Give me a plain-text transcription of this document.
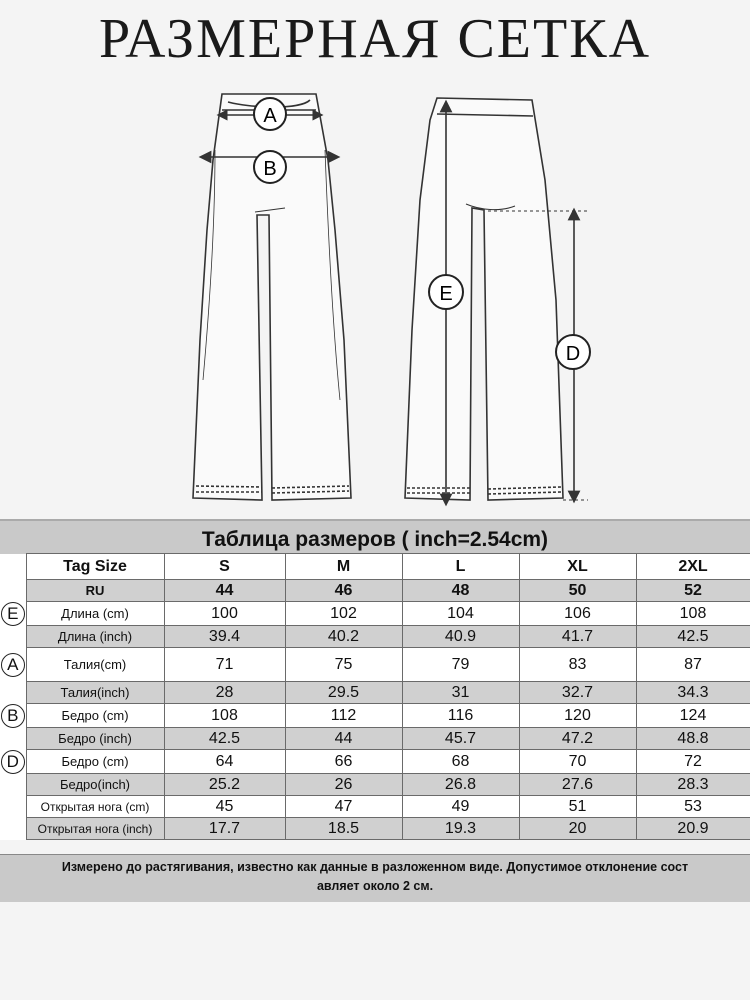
РАЗМЕРНАЯ СЕТКА
A
B
E
D
Таблица размеров ( inch=2.54cm)
	Tag Size	S	M	L	XL	2XL
	RU	44	46	48	50	52
E	Длина (cm)	100	102	104	106	108
	Длина (inch)	39.4	40.2	40.9	41.7	42.5
A	Талия(cm)	71	75	79	83	87
	Талия(inch)	28	29.5	31	32.7	34.3
B	Бедро (cm)	108	112	116	120	124
	Бедро (inch)	42.5	44	45.7	47.2	48.8
D	Бедро (cm)	64	66	68	70	72
	Бедро(inch)	25.2	26	26.8	27.6	28.3
	Открытая нога (cm)	45	47	49	51	53
	Открытая нога (inch)	17.7	18.5	19.3	20	20.9
Измерено до растягивания, известно как данные в разложенном виде. Допустимое отклонение сост
авляет около 2 см.
